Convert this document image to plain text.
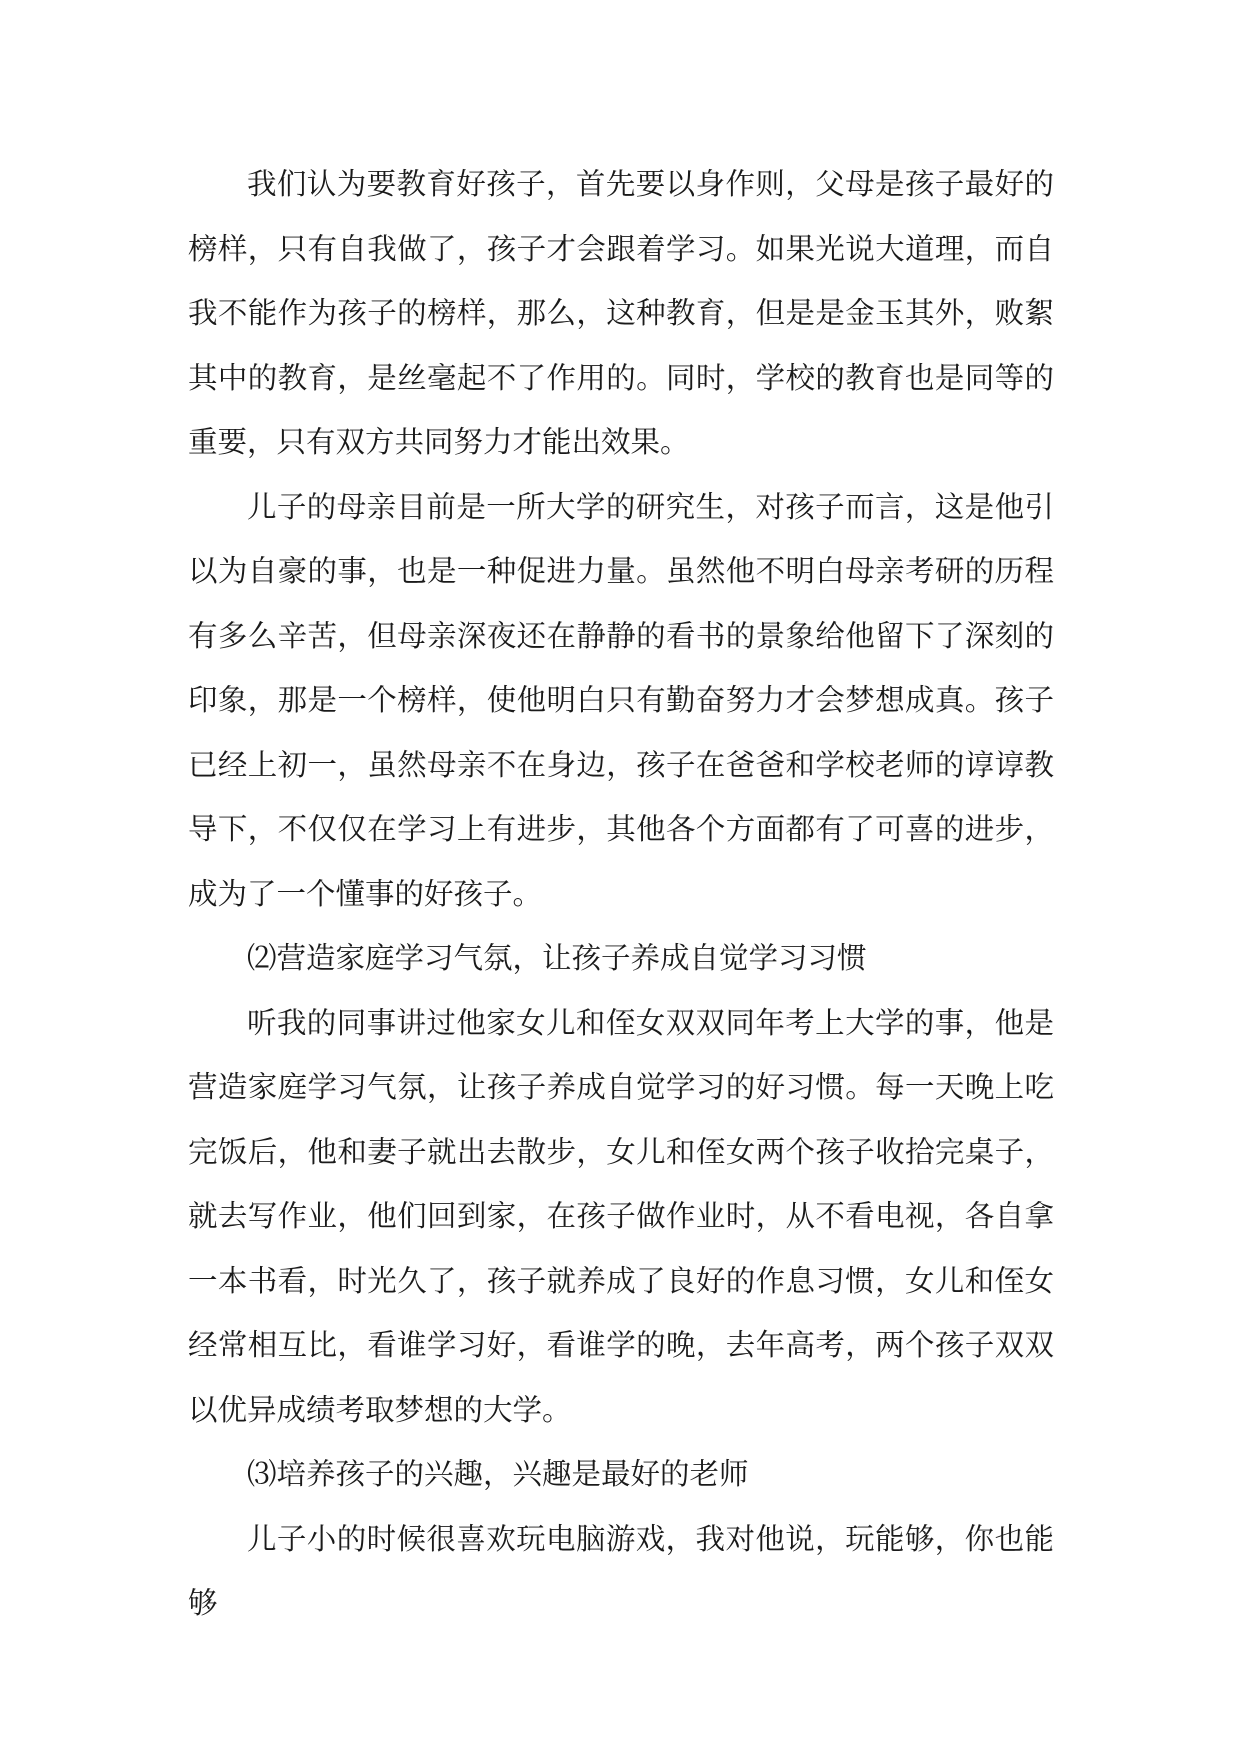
我们认为要教育好孩子，首先要以身作则，父母是孩子最好的榜样，只有自我做了，孩子才会跟着学习。如果光说大道理，而自我不能作为孩子的榜样，那么，这种教育，但是是金玉其外，败絮其中的教育，是丝毫起不了作用的。同时，学校的教育也是同等的重要，只有双方共同努力才能出效果。

儿子的母亲目前是一所大学的研究生，对孩子而言，这是他引以为自豪的事，也是一种促进力量。虽然他不明白母亲考研的历程有多么辛苦，但母亲深夜还在静静的看书的景象给他留下了深刻的印象，那是一个榜样，使他明白只有勤奋努力才会梦想成真。孩子已经上初一，虽然母亲不在身边，孩子在爸爸和学校老师的谆谆教导下，不仅仅在学习上有进步，其他各个方面都有了可喜的进步，成为了一个懂事的好孩子。

⑵营造家庭学习气氛，让孩子养成自觉学习习惯

听我的同事讲过他家女儿和侄女双双同年考上大学的事，他是营造家庭学习气氛，让孩子养成自觉学习的好习惯。每一天晚上吃完饭后，他和妻子就出去散步，女儿和侄女两个孩子收拾完桌子，就去写作业，他们回到家，在孩子做作业时，从不看电视，各自拿一本书看，时光久了，孩子就养成了良好的作息习惯，女儿和侄女经常相互比，看谁学习好，看谁学的晚，去年高考，两个孩子双双以优异成绩考取梦想的大学。

⑶培养孩子的兴趣，兴趣是最好的老师

儿子小的时候很喜欢玩电脑游戏，我对他说，玩能够，你也能够
